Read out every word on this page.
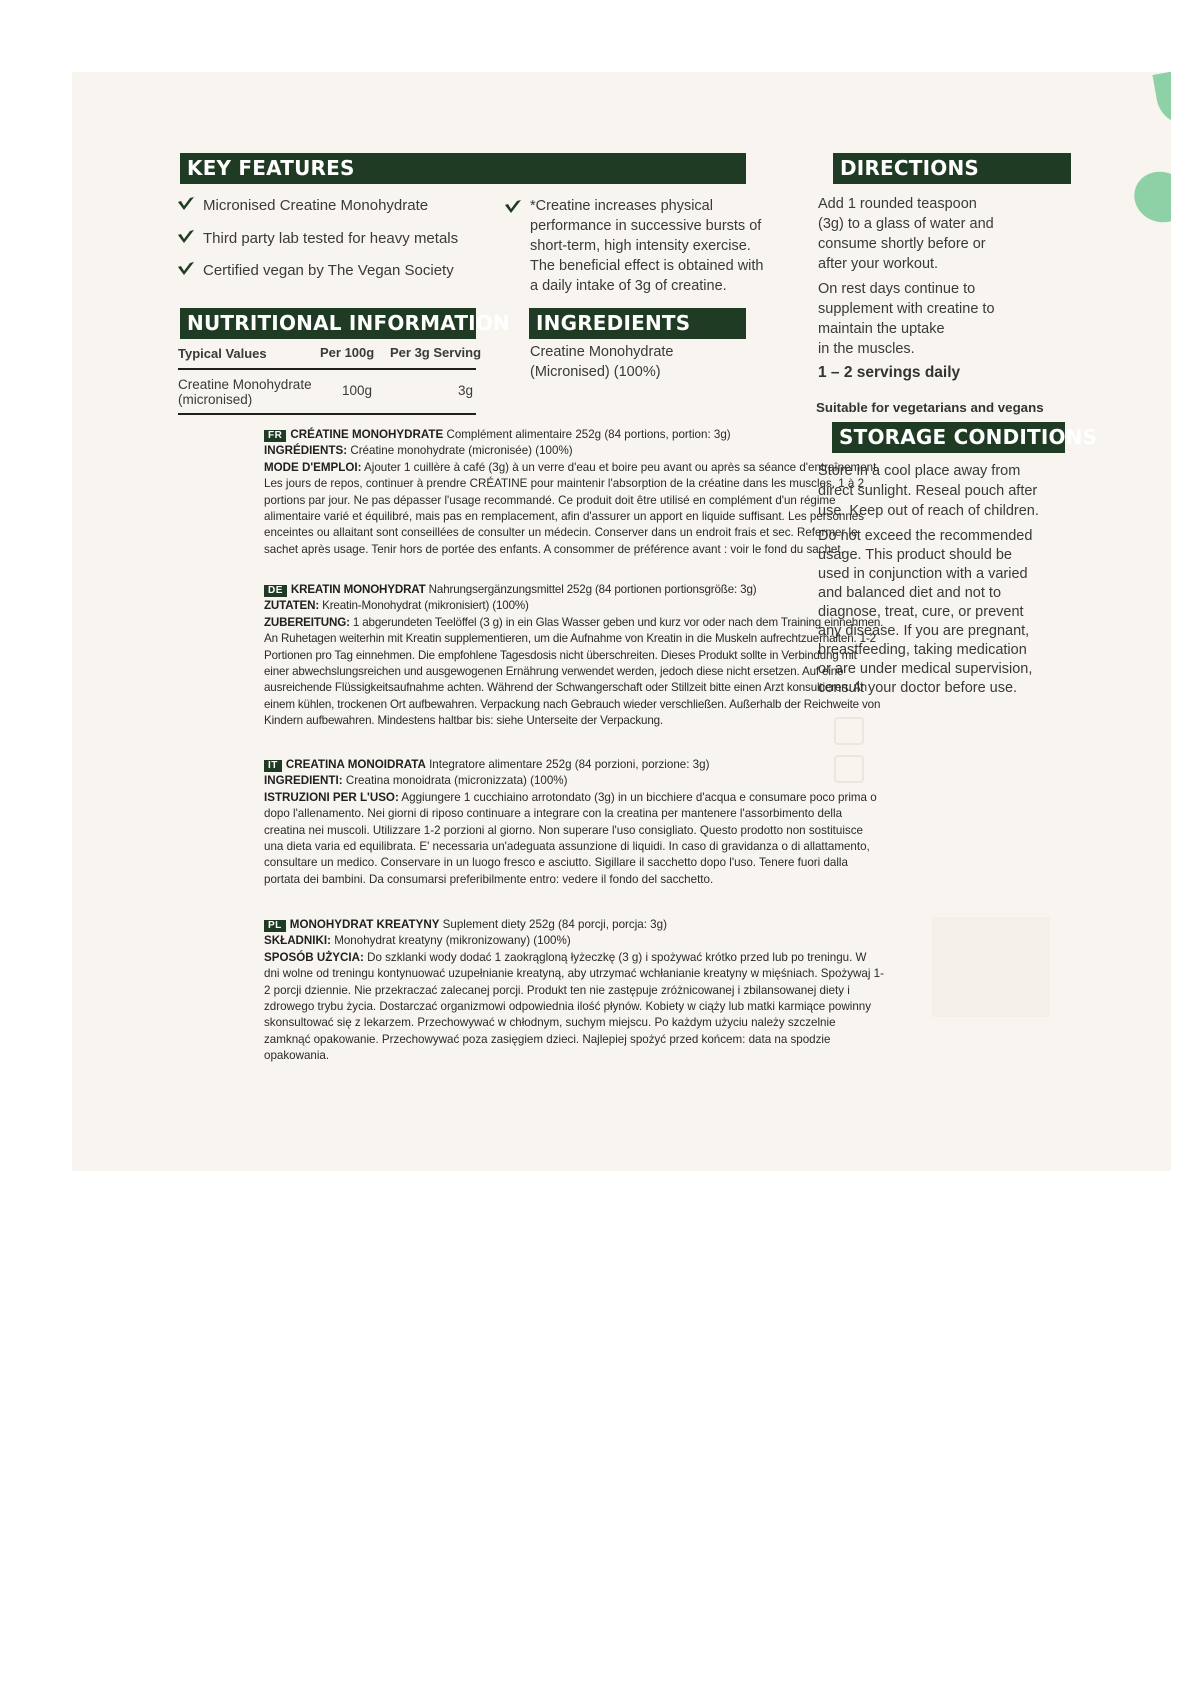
KEY FEATURES
Micronised Creatine Monohydrate
Third party lab tested for heavy metals
Certified vegan by The Vegan Society
*Creatine increases physical
performance in successive bursts of
short-term, high intensity exercise.
The beneficial effect is obtained with
a daily intake of 3g of creatine.
NUTRITIONAL INFORMATION
Typical Values	Per 100g Per 3g Serving
Creatine Monohydrate
(micronised)
100g	3g
INGREDIENTS
Creatine Monohydrate
(Micronised) (100%)
DIRECTIONS
Add 1 rounded teaspoon
(3g) to a glass of water and
consume shortly before or
after your workout.
On rest days continue to
supplement with creatine to
maintain the uptake
in the muscles.
1 – 2 servings daily
Suitable for vegetarians and vegans
STORAGE CONDITIONS
Store in a cool place away from
direct sunlight. Reseal pouch after
use. Keep out of reach of children.
Do not exceed the recommended
usage. This product should be
used in conjunction with a varied
and balanced diet and not to
diagnose, treat, cure, or prevent
any disease. If you are pregnant,
breastfeeding, taking medication
or are under medical supervision,
consult your doctor before use.
FR CRÉATINE MONOHYDRATE Complément alimentaire 252g (84 portions, portion: 3g)
INGRÉDIENTS: Créatine monohydrate (micronisée) (100%)
MODE D'EMPLOI: Ajouter 1 cuillère à café (3g) à un verre d'eau et boire peu avant ou après sa séance d'entraînement. Les jours de repos, continuer à prendre CRÉATINE pour maintenir l'absorption de la créatine dans les muscles. 1 à 2 portions par jour. Ne pas dépasser l'usage recommandé. Ce produit doit être utilisé en complément d'un régime alimentaire varié et équilibré, mais pas en remplacement, afin d'assurer un apport en liquide suffisant. Les personnes enceintes ou allaitant sont conseillées de consulter un médecin. Conserver dans un endroit frais et sec. Refermer le sachet après usage. Tenir hors de portée des enfants. A consommer de préférence avant : voir le fond du sachet.
DE KREATIN MONOHYDRAT Nahrungsergänzungsmittel 252g (84 portionen portionsgröße: 3g)
ZUTATEN: Kreatin-Monohydrat (mikronisiert) (100%)
ZUBEREITUNG: 1 abgerundeten Teelöffel (3 g) in ein Glas Wasser geben und kurz vor oder nach dem Training einnehmen. An Ruhetagen weiterhin mit Kreatin supplementieren, um die Aufnahme von Kreatin in die Muskeln aufrechtzuerhalten. 1-2 Portionen pro Tag einnehmen. Die empfohlene Tagesdosis nicht überschreiten. Dieses Produkt sollte in Verbindung mit einer abwechslungsreichen und ausgewogenen Ernährung verwendet werden, jedoch diese nicht ersetzen. Auf eine ausreichende Flüssigkeitsaufnahme achten. Während der Schwangerschaft oder Stillzeit bitte einen Arzt konsultieren. An einem kühlen, trockenen Ort aufbewahren. Verpackung nach Gebrauch wieder verschließen. Außerhalb der Reichweite von Kindern aufbewahren. Mindestens haltbar bis: siehe Unterseite der Verpackung.
IT CREATINA MONOIDRATA Integratore alimentare 252g (84 porzioni, porzione: 3g)
INGREDIENTI: Creatina monoidrata (micronizzata) (100%)
ISTRUZIONI PER L'USO: Aggiungere 1 cucchiaino arrotondato (3g) in un bicchiere d'acqua e consumare poco prima o dopo l'allenamento. Nei giorni di riposo continuare a integrare con la creatina per mantenere l'assorbimento della creatina nei muscoli. Utilizzare 1-2 porzioni al giorno. Non superare l'uso consigliato. Questo prodotto non sostituisce una dieta varia ed equilibrata. E' necessaria un'adeguata assunzione di liquidi. In caso di gravidanza o di allattamento, consultare un medico. Conservare in un luogo fresco e asciutto. Sigillare il sacchetto dopo l'uso. Tenere fuori dalla portata dei bambini. Da consumarsi preferibilmente entro: vedere il fondo del sacchetto.
PL MONOHYDRAT KREATYNY Suplement diety 252g (84 porcji, porcja: 3g)
SKŁADNIKI: Monohydrat kreatyny (mikronizowany) (100%)
SPOSÓB UŻYCIA: Do szklanki wody dodać 1 zaokrągloną łyżeczkę (3 g) i spożywać krótko przed lub po treningu. W dni wolne od treningu kontynuować uzupełnianie kreatyną, aby utrzymać wchłanianie kreatyny w mięśniach. Spożywaj 1-2 porcji dziennie. Nie przekraczać zalecanej porcji. Produkt ten nie zastępuje zróżnicowanej i zbilansowanej diety i zdrowego trybu życia. Dostarczać organizmowi odpowiednia ilość płynów. Kobiety w ciąży lub matki karmiące powinny skonsultować się z lekarzem. Przechowywać w chłodnym, suchym miejscu. Po każdym użyciu należy szczelnie zamknąć opakowanie. Przechowywać poza zasięgiem dzieci. Najlepiej spożyć przed końcem: data na spodzie opakowania.
